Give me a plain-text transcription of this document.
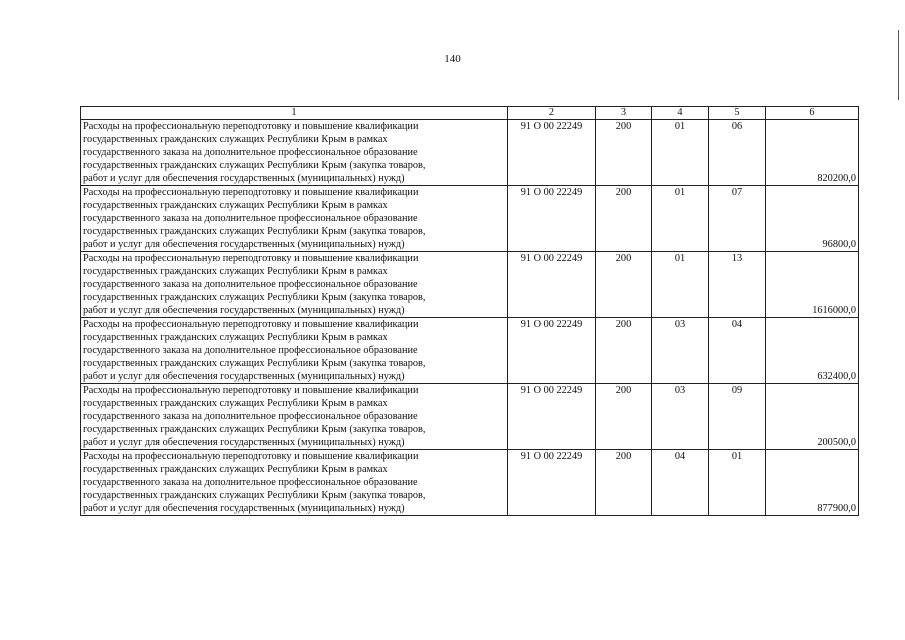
140
1	2	3	4	5	6
Расходы на профессиональную переподготовку и повышение квалификации
государственных гражданских служащих Республики Крым в рамках
государственного заказа на дополнительное профессиональное образование
государственных гражданских служащих Республики Крым (закупка товаров,
работ и услуг для обеспечения государственных (муниципальных) нужд)	91 О 00 22249	200	01	06	820200,0
Расходы на профессиональную переподготовку и повышение квалификации
государственных гражданских служащих Республики Крым в рамках
государственного заказа на дополнительное профессиональное образование
государственных гражданских служащих Республики Крым (закупка товаров,
работ и услуг для обеспечения государственных (муниципальных) нужд)	91 О 00 22249	200	01	07	96800,0
Расходы на профессиональную переподготовку и повышение квалификации
государственных гражданских служащих Республики Крым в рамках
государственного заказа на дополнительное профессиональное образование
государственных гражданских служащих Республики Крым (закупка товаров,
работ и услуг для обеспечения государственных (муниципальных) нужд)	91 О 00 22249	200	01	13	1616000,0
Расходы на профессиональную переподготовку и повышение квалификации
государственных гражданских служащих Республики Крым в рамках
государственного заказа на дополнительное профессиональное образование
государственных гражданских служащих Республики Крым (закупка товаров,
работ и услуг для обеспечения государственных (муниципальных) нужд)	91 О 00 22249	200	03	04	632400,0
Расходы на профессиональную переподготовку и повышение квалификации
государственных гражданских служащих Республики Крым в рамках
государственного заказа на дополнительное профессиональное образование
государственных гражданских служащих Республики Крым (закупка товаров,
работ и услуг для обеспечения государственных (муниципальных) нужд)	91 О 00 22249	200	03	09	200500,0
Расходы на профессиональную переподготовку и повышение квалификации
государственных гражданских служащих Республики Крым в рамках
государственного заказа на дополнительное профессиональное образование
государственных гражданских служащих Республики Крым (закупка товаров,
работ и услуг для обеспечения государственных (муниципальных) нужд)	91 О 00 22249	200	04	01	877900,0
